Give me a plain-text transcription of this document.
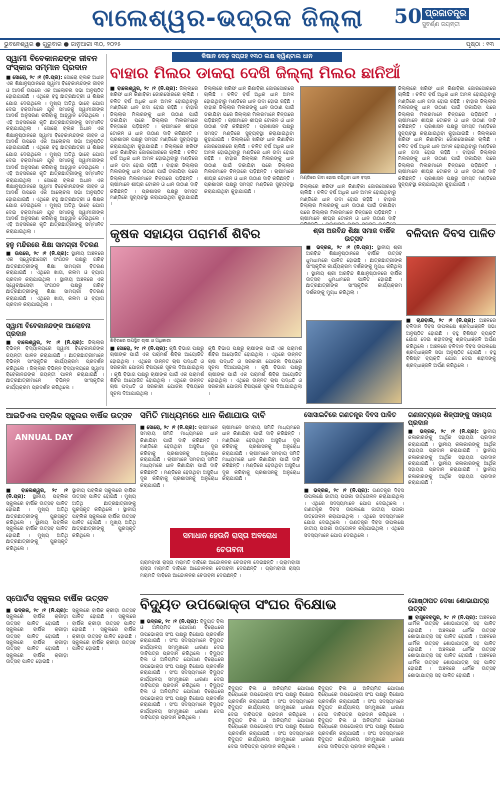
ବାଲେଶ୍ୱର-ଭଦ୍ରକ ଜିଲ୍ଲା 50 ପ୍ରଜାତନ୍ତ୍ର
ସୁବର୍ଣ୍ଣ ଜୟନ୍ତୀ
ଭୁବନେଶ୍ୱର ● ଗୁରୁବାର ● ଜାନୁଆରୀ ୩୦, ୨୦୨୫	ପୃଷ୍ଠା : ୧୩
ସ୍ୱାମୀ ବିବେକାନନ୍ଦଙ୍କ ଜୀବନ ସଂସ୍କାର ସମ୍ମାନ ପ୍ରଦାନ
■ ସୋରୋ, ୨୯ ।୧ (ନି.ପ୍ର): ସୋରୋ ବ୍ଲକ ଅଧୀନ ଏକ ଶିକ୍ଷାନୁଷ୍ଠାନରେ ସ୍ୱାମୀ ବିବେକାନନ୍ଦଙ୍କ ଜୀବନ ଓ ଆଦର୍ଶ ଉପରେ ଏକ ଆଲୋଚନା ସଭା ଅନୁଷ୍ଠିତ ହୋଇଯାଇଛି । ଏଥିରେ ବହୁ ଛାତ୍ରଛାତ୍ରୀ ଓ ଶିକ୍ଷକ ଯୋଗ ଦେଇଥିଲେ । ମୁଖ୍ୟ ଅତିଥି ଭାବେ ଯୋଗ ଦେଇ ବକ୍ତାମାନେ ଯୁବ ସମାଜକୁ ସ୍ୱାମୀଜୀଙ୍କ ଆଦର୍ଶ ଅନୁସରଣ କରିବାକୁ ଆହ୍ୱାନ ଦେଇଥିଲେ । ଏହି ଅବସରରେ କୃତି ଛାତ୍ରଛାତ୍ରୀଙ୍କୁ ସମ୍ମାନିତ କରାଯାଇଥିଲା । ସୋରୋ ବ୍ଲକ ଅଧୀନ ଏକ ଶିକ୍ଷାନୁଷ୍ଠାନରେ ସ୍ୱାମୀ ବିବେକାନନ୍ଦଙ୍କ ଜୀବନ ଓ ଆଦର୍ଶ ଉପରେ ଏକ ଆଲୋଚନା ସଭା ଅନୁଷ୍ଠିତ ହୋଇଯାଇଛି । ଏଥିରେ ବହୁ ଛାତ୍ରଛାତ୍ରୀ ଓ ଶିକ୍ଷକ ଯୋଗ ଦେଇଥିଲେ । ମୁଖ୍ୟ ଅତିଥି ଭାବେ ଯୋଗ ଦେଇ ବକ୍ତାମାନେ ଯୁବ ସମାଜକୁ ସ୍ୱାମୀଜୀଙ୍କ ଆଦର୍ଶ ଅନୁସରଣ କରିବାକୁ ଆହ୍ୱାନ ଦେଇଥିଲେ । ଏହି ଅବସରରେ କୃତି ଛାତ୍ରଛାତ୍ରୀଙ୍କୁ ସମ୍ମାନିତ କରାଯାଇଥିଲା । ସୋରୋ ବ୍ଲକ ଅଧୀନ ଏକ ଶିକ୍ଷାନୁଷ୍ଠାନରେ ସ୍ୱାମୀ ବିବେକାନନ୍ଦଙ୍କ ଜୀବନ ଓ ଆଦର୍ଶ ଉପରେ ଏକ ଆଲୋଚନା ସଭା ଅନୁଷ୍ଠିତ ହୋଇଯାଇଛି । ଏଥିରେ ବହୁ ଛାତ୍ରଛାତ୍ରୀ ଓ ଶିକ୍ଷକ ଯୋଗ ଦେଇଥିଲେ । ମୁଖ୍ୟ ଅତିଥି ଭାବେ ଯୋଗ ଦେଇ ବକ୍ତାମାନେ ଯୁବ ସମାଜକୁ ସ୍ୱାମୀଜୀଙ୍କ ଆଦର୍ଶ ଅନୁସରଣ କରିବାକୁ ଆହ୍ୱାନ ଦେଇଥିଲେ । ଏହି ଅବସରରେ କୃତି ଛାତ୍ରଛାତ୍ରୀଙ୍କୁ ସମ୍ମାନିତ କରାଯାଇଥିଲା ।
ହନୁ ମନ୍ଦିରରେ ଶିକ୍ଷା ସାମଗ୍ରୀ ବିତରଣ
■ ଉପରେ, ୨୯ ।୧ (ନି.ପ୍ର): ସ୍ଥାନୀୟ ଅଞ୍ଚଳରେ ଏକ ସ୍ୱେଚ୍ଛାସେବୀ ସଂଗଠନ ପକ୍ଷରୁ ଗରିବ ଛାତ୍ରଛାତ୍ରୀଙ୍କୁ ଶିକ୍ଷା ସାମଗ୍ରୀ ବିତରଣ କରାଯାଇଛି । ଏଥିରେ ଖାତା, କଲମ ଓ ବ୍ୟାଗ ପ୍ରଦାନ କରାଯାଇଥିଲା । ସ୍ଥାନୀୟ ଅଞ୍ଚଳରେ ଏକ ସ୍ୱେଚ୍ଛାସେବୀ ସଂଗଠନ ପକ୍ଷରୁ ଗରିବ ଛାତ୍ରଛାତ୍ରୀଙ୍କୁ ଶିକ୍ଷା ସାମଗ୍ରୀ ବିତରଣ କରାଯାଇଛି । ଏଥିରେ ଖାତା, କଲମ ଓ ବ୍ୟାଗ ପ୍ରଦାନ କରାଯାଇଥିଲା ।
ସ୍ୱାମୀ ବିବେକାନନ୍ଦଙ୍କ ଆଲୋଚନା ପ୍ରଦାନ
■ ବାଲେଶ୍ୱର, ୨୯ ।୧ (ନି.ପ୍ର): ଜିଲ୍ଲାର ବିଭିନ୍ନ ବିଦ୍ୟାଳୟରେ ସ୍ୱାମୀ ବିବେକାନନ୍ଦଙ୍କ ଜୟନ୍ତୀ ପାଳନ କରାଯାଇଛି । ଛାତ୍ରଛାତ୍ରୀମାନେ ବିଭିନ୍ନ ସାଂସ୍କୃତିକ କାର୍ଯ୍ୟକ୍ରମ ପ୍ରଦର୍ଶନ କରିଥିଲେ । ଜିଲ୍ଲାର ବିଭିନ୍ନ ବିଦ୍ୟାଳୟରେ ସ୍ୱାମୀ ବିବେକାନନ୍ଦଙ୍କ ଜୟନ୍ତୀ ପାଳନ କରାଯାଇଛି । ଛାତ୍ରଛାତ୍ରୀମାନେ ବିଭିନ୍ନ ସାଂସ୍କୃତିକ କାର୍ଯ୍ୟକ୍ରମ ପ୍ରଦର୍ଶନ କରିଥିଲେ ।
କିଷାନ ଦେଢ଼ ସପ୍ତାହ ୧୩୦ ଲକ୍ଷ କ୍ୱିଣ୍ଟାଲ ଧାନ
ବାହାର ମିଲର ଡାକରା ଦେଖି ଜିଲ୍ଲା ମିଲର ଛାନିଆଁ
■ ବାଲେଶ୍ୱର, ୨୯ ।୧ (ନି.ପ୍ର): ଜିଲ୍ଲାରେ ଖରିଫ ଧାନ କିଣାବିକା ଜୋରସୋରରେ ଚାଲିଛି । ଚଳିତ ବର୍ଷ ଅଧିକ ଧାନ ଅମଳ ହୋଇଥିବାରୁ ମଣ୍ଡିରେ ଧାନ ଗଦା ହୋଇ ରହିଛି । ବାହାର ଜିଲ୍ଲାର ମିଲରଙ୍କୁ ଧାନ ଉଠାଣ ପାଇଁ ଡକାଯିବା ପରେ ଜିଲ୍ଲାର ମିଲରମାନେ ଚିନ୍ତାରେ ପଡ଼ିଛନ୍ତି । ଚାଷୀମାନେ ଶୀଘ୍ର ଟୋକନ ଓ ଧାନ ଉଠାଣ ଦାବି କରିଛନ୍ତି । ପ୍ରଶାସନ ପକ୍ଷରୁ ସମସ୍ତ ମଣ୍ଡିରେ ସୁବ୍ୟବସ୍ଥା କରାଯାଇଥିବା କୁହାଯାଇଛି । ଜିଲ୍ଲାରେ ଖରିଫ ଧାନ କିଣାବିକା ଜୋରସୋରରେ ଚାଲିଛି । ଚଳିତ ବର୍ଷ ଅଧିକ ଧାନ ଅମଳ ହୋଇଥିବାରୁ ମଣ୍ଡିରେ ଧାନ ଗଦା ହୋଇ ରହିଛି । ବାହାର ଜିଲ୍ଲାର ମିଲରଙ୍କୁ ଧାନ ଉଠାଣ ପାଇଁ ଡକାଯିବା ପରେ ଜିଲ୍ଲାର ମିଲରମାନେ ଚିନ୍ତାରେ ପଡ଼ିଛନ୍ତି । ଚାଷୀମାନେ ଶୀଘ୍ର ଟୋକନ ଓ ଧାନ ଉଠାଣ ଦାବି କରିଛନ୍ତି । ପ୍ରଶାସନ ପକ୍ଷରୁ ସମସ୍ତ ମଣ୍ଡିରେ ସୁବ୍ୟବସ୍ଥା କରାଯାଇଥିବା କୁହାଯାଇଛି ।
ଜିଲ୍ଲାରେ ଖରିଫ ଧାନ କିଣାବିକା ଜୋରସୋରରେ ଚାଲିଛି । ଚଳିତ ବର୍ଷ ଅଧିକ ଧାନ ଅମଳ ହୋଇଥିବାରୁ ମଣ୍ଡିରେ ଧାନ ଗଦା ହୋଇ ରହିଛି । ବାହାର ଜିଲ୍ଲାର ମିଲରଙ୍କୁ ଧାନ ଉଠାଣ ପାଇଁ ଡକାଯିବା ପରେ ଜିଲ୍ଲାର ମିଲରମାନେ ଚିନ୍ତାରେ ପଡ଼ିଛନ୍ତି । ଚାଷୀମାନେ ଶୀଘ୍ର ଟୋକନ ଓ ଧାନ ଉଠାଣ ଦାବି କରିଛନ୍ତି । ପ୍ରଶାସନ ପକ୍ଷରୁ ସମସ୍ତ ମଣ୍ଡିରେ ସୁବ୍ୟବସ୍ଥା କରାଯାଇଥିବା କୁହାଯାଇଛି । ଜିଲ୍ଲାରେ ଖରିଫ ଧାନ କିଣାବିକା ଜୋରସୋରରେ ଚାଲିଛି । ଚଳିତ ବର୍ଷ ଅଧିକ ଧାନ ଅମଳ ହୋଇଥିବାରୁ ମଣ୍ଡିରେ ଧାନ ଗଦା ହୋଇ ରହିଛି । ବାହାର ଜିଲ୍ଲାର ମିଲରଙ୍କୁ ଧାନ ଉଠାଣ ପାଇଁ ଡକାଯିବା ପରେ ଜିଲ୍ଲାର ମିଲରମାନେ ଚିନ୍ତାରେ ପଡ଼ିଛନ୍ତି । ଚାଷୀମାନେ ଶୀଘ୍ର ଟୋକନ ଓ ଧାନ ଉଠାଣ ଦାବି କରିଛନ୍ତି । ପ୍ରଶାସନ ପକ୍ଷରୁ ସମସ୍ତ ମଣ୍ଡିରେ ସୁବ୍ୟବସ୍ଥା କରାଯାଇଥିବା କୁହାଯାଇଛି ।
ଜିଲ୍ଲାରେ ଖରିଫ ଧାନ କିଣାବିକା ଜୋରସୋରରେ ଚାଲିଛି । ଚଳିତ ବର୍ଷ ଅଧିକ ଧାନ ଅମଳ ହୋଇଥିବାରୁ ମଣ୍ଡିରେ ଧାନ ଗଦା ହୋଇ ରହିଛି । ବାହାର ଜିଲ୍ଲାର ମିଲରଙ୍କୁ ଧାନ ଉଠାଣ ପାଇଁ ଡକାଯିବା ପରେ ଜିଲ୍ଲାର ମିଲରମାନେ ଚିନ୍ତାରେ ପଡ଼ିଛନ୍ତି । ଚାଷୀମାନେ ଶୀଘ୍ର ଟୋକନ ଓ ଧାନ ଉଠାଣ ଦାବି କରିଛନ୍ତି । ପ୍ରଶାସନ ପକ୍ଷରୁ ସମସ୍ତ ମଣ୍ଡିରେ ସୁବ୍ୟବସ୍ଥା କରାଯାଇଥିବା କୁହାଯାଇଛି । ଜିଲ୍ଲାରେ ଖରିଫ ଧାନ କିଣାବିକା ଜୋରସୋରରେ ଚାଲିଛି । ଚଳିତ ବର୍ଷ ଅଧିକ ଧାନ ଅମଳ ହୋଇଥିବାରୁ ମଣ୍ଡିରେ ଧାନ ଗଦା ହୋଇ ରହିଛି । ବାହାର ଜିଲ୍ଲାର ମିଲରଙ୍କୁ ଧାନ ଉଠାଣ ପାଇଁ ଡକାଯିବା ପରେ ଜିଲ୍ଲାର ମିଲରମାନେ ଚିନ୍ତାରେ ପଡ଼ିଛନ୍ତି । ଚାଷୀମାନେ ଶୀଘ୍ର ଟୋକନ ଓ ଧାନ ଉଠାଣ ଦାବି କରିଛନ୍ତି । ପ୍ରଶାସନ ପକ୍ଷରୁ ସମସ୍ତ ମଣ୍ଡିରେ ସୁବ୍ୟବସ୍ଥା କରାଯାଇଥିବା କୁହାଯାଇଛି ।
ମଣ୍ଡିରେ ଗଦା ହୋଇ ରହିଥିବା ଧାନ ବସ୍ତା
ଜିଲ୍ଲାରେ ଖରିଫ ଧାନ କିଣାବିକା ଜୋରସୋରରେ ଚାଲିଛି । ଚଳିତ ବର୍ଷ ଅଧିକ ଧାନ ଅମଳ ହୋଇଥିବାରୁ ମଣ୍ଡିରେ ଧାନ ଗଦା ହୋଇ ରହିଛି । ବାହାର ଜିଲ୍ଲାର ମିଲରଙ୍କୁ ଧାନ ଉଠାଣ ପାଇଁ ଡକାଯିବା ପରେ ଜିଲ୍ଲାର ମିଲରମାନେ ଚିନ୍ତାରେ ପଡ଼ିଛନ୍ତି । ଚାଷୀମାନେ ଶୀଘ୍ର ଟୋକନ ଓ ଧାନ ଉଠାଣ ଦାବି
କୃଷକ ସହାୟତା ପରାମର୍ଶ ଶିବିର
ଶିବିରରେ ଉପସ୍ଥିତ ଚାଷୀ ଓ ଅଧିକାରୀ
■ ସୋରୋ, ୨୯ ।୧ (ନି.ପ୍ର): କୃଷି ବିଭାଗ ପକ୍ଷରୁ ଚାଷୀଙ୍କ ପାଇଁ ଏକ ପରାମର୍ଶ ଶିବିର ଆୟୋଜିତ ହୋଇଥିଲା । ଏଥିରେ ଉନ୍ନତ ଚାଷ ପଦ୍ଧତି ଓ ସରକାରୀ ଯୋଜନା ବିଷୟରେ ସୂଚନା ଦିଆଯାଇଥିଲା । କୃଷି ବିଭାଗ ପକ୍ଷରୁ ଚାଷୀଙ୍କ ପାଇଁ ଏକ ପରାମର୍ଶ ଶିବିର ଆୟୋଜିତ ହୋଇଥିଲା । ଏଥିରେ ଉନ୍ନତ ଚାଷ ପଦ୍ଧତି ଓ ସରକାରୀ ଯୋଜନା ବିଷୟରେ ସୂଚନା ଦିଆଯାଇଥିଲା ।
କୃଷି ବିଭାଗ ପକ୍ଷରୁ ଚାଷୀଙ୍କ ପାଇଁ ଏକ ପରାମର୍ଶ ଶିବିର ଆୟୋଜିତ ହୋଇଥିଲା । ଏଥିରେ ଉନ୍ନତ ଚାଷ ପଦ୍ଧତି ଓ ସରକାରୀ ଯୋଜନା ବିଷୟରେ ସୂଚନା ଦିଆଯାଇଥିଲା । କୃଷି ବିଭାଗ ପକ୍ଷରୁ ଚାଷୀଙ୍କ ପାଇଁ ଏକ ପରାମର୍ଶ ଶିବିର ଆୟୋଜିତ ହୋଇଥିଲା । ଏଥିରେ ଉନ୍ନତ ଚାଷ ପଦ୍ଧତି ଓ ସରକାରୀ ଯୋଜନା ବିଷୟରେ ସୂଚନା ଦିଆଯାଇଥିଲା ।
ଶ୍ରୀ ଅରବିନ୍ଦ ଶିକ୍ଷା ସମାଜ ବାର୍ଷିକ ଉତ୍ସବ
■ ଭଦ୍ରକ, ୨୯ ।୧ (ନି.ପ୍ର): ସ୍ଥାନୀୟ ଶ୍ରୀ ଅରବିନ୍ଦ ଶିକ୍ଷାନୁଷ୍ଠାନରେ ବାର୍ଷିକ ଉତ୍ସବ ଧୁମଧାମରେ ପାଳିତ ହୋଇଛି । ଛାତ୍ରଛାତ୍ରୀଙ୍କ ସାଂସ୍କୃତିକ କାର୍ଯ୍ୟକ୍ରମ ଦର୍ଶକଙ୍କୁ ମୁଗ୍ଧ କରିଥିଲା । ସ୍ଥାନୀୟ ଶ୍ରୀ ଅରବିନ୍ଦ ଶିକ୍ଷାନୁଷ୍ଠାନରେ ବାର୍ଷିକ ଉତ୍ସବ ଧୁମଧାମରେ ପାଳିତ ହୋଇଛି । ଛାତ୍ରଛାତ୍ରୀଙ୍କ ସାଂସ୍କୃତିକ କାର୍ଯ୍ୟକ୍ରମ ଦର୍ଶକଙ୍କୁ ମୁଗ୍ଧ କରିଥିଲା ।
ବଳିଦାନ ଦିବସ ପାଳିତ
■ ଚାନ୍ଦବାଲି, ୨୯ ।୧ (ନି.ପ୍ର): ଅଞ୍ଚଳରେ ବଳିଦାନ ଦିବସ ଉପଲକ୍ଷେ ଶ୍ରଦ୍ଧାଞ୍ଜଳି ସଭା ଅନୁଷ୍ଠିତ ହୋଇଛି । ବହୁ ବିଶିଷ୍ଟ ବ୍ୟକ୍ତି ଯୋଗ ଦେଇ ଶହୀଦଙ୍କୁ ଶ୍ରଦ୍ଧାଞ୍ଜଳି ଅର୍ପଣ କରିଥିଲେ । ଅଞ୍ଚଳରେ ବଳିଦାନ ଦିବସ ଉପଲକ୍ଷେ ଶ୍ରଦ୍ଧାଞ୍ଜଳି ସଭା ଅନୁଷ୍ଠିତ ହୋଇଛି । ବହୁ ବିଶିଷ୍ଟ ବ୍ୟକ୍ତି ଯୋଗ ଦେଇ ଶହୀଦଙ୍କୁ ଶ୍ରଦ୍ଧାଞ୍ଜଳି ଅର୍ପଣ କରିଥିଲେ ।
ଆଇଡିଏଲ ପବ୍ଲିକ ସ୍କୁଲର ବାର୍ଷିକ ଉତ୍ସବ
ANNUAL DAY
■ ବାଲେଶ୍ୱର, ୨୯ ।୧ (ନି.ପ୍ର): ସ୍ଥାନୀୟ ପବ୍ଲିକ ସ୍କୁଲରେ ବାର୍ଷିକ ଉତ୍ସବ ପାଳିତ ହୋଇଛି । ମୁଖ୍ୟ ଅତିଥି ଛାତ୍ରଛାତ୍ରୀଙ୍କୁ ପୁରସ୍କୃତ କରିଥିଲେ । ସ୍ଥାନୀୟ ପବ୍ଲିକ ସ୍କୁଲରେ ବାର୍ଷିକ ଉତ୍ସବ ପାଳିତ ହୋଇଛି । ମୁଖ୍ୟ ଅତିଥି ଛାତ୍ରଛାତ୍ରୀଙ୍କୁ ପୁରସ୍କୃତ କରିଥିଲେ ।
ସ୍ଥାନୀୟ ପବ୍ଲିକ ସ୍କୁଲରେ ବାର୍ଷିକ ଉତ୍ସବ ପାଳିତ ହୋଇଛି । ମୁଖ୍ୟ ଅତିଥି ଛାତ୍ରଛାତ୍ରୀଙ୍କୁ ପୁରସ୍କୃତ କରିଥିଲେ । ସ୍ଥାନୀୟ ପବ୍ଲିକ ସ୍କୁଲରେ ବାର୍ଷିକ ଉତ୍ସବ ପାଳିତ ହୋଇଛି । ମୁଖ୍ୟ ଅତିଥି ଛାତ୍ରଛାତ୍ରୀଙ୍କୁ ପୁରସ୍କୃତ କରିଥିଲେ ।
ସମିତି ମାଧ୍ୟମରେ ଧାନ କିଣାଯାଉ ଦାବି
■ ସୋରୋ, ୨୯ ।୧ (ନି.ପ୍ର): ଚାଷୀମାନେ ସମବାୟ ସମିତି ମାଧ୍ୟମରେ ଧାନ କିଣାଯିବା ପାଇଁ ଦାବି କରିଛନ୍ତି । ମଣ୍ଡିରେ ହେଉଥିବା ଅସୁବିଧା ଦୂର କରିବାକୁ ପ୍ରଶାସନକୁ ଅନୁରୋଧ କରାଯାଇଛି । ଚାଷୀମାନେ ସମବାୟ ସମିତି ମାଧ୍ୟମରେ ଧାନ କିଣାଯିବା ପାଇଁ ଦାବି କରିଛନ୍ତି । ମଣ୍ଡିରେ ହେଉଥିବା ଅସୁବିଧା ଦୂର କରିବାକୁ ପ୍ରଶାସନକୁ ଅନୁରୋଧ କରାଯାଇଛି ।
ଚାଷୀମାନେ ସମବାୟ ସମିତି ମାଧ୍ୟମରେ ଧାନ କିଣାଯିବା ପାଇଁ ଦାବି କରିଛନ୍ତି । ମଣ୍ଡିରେ ହେଉଥିବା ଅସୁବିଧା ଦୂର କରିବାକୁ ପ୍ରଶାସନକୁ ଅନୁରୋଧ କରାଯାଇଛି । ଚାଷୀମାନେ ସମବାୟ ସମିତି ମାଧ୍ୟମରେ ଧାନ କିଣାଯିବା ପାଇଁ ଦାବି କରିଛନ୍ତି । ମଣ୍ଡିରେ ହେଉଥିବା ଅସୁବିଧା ଦୂର କରିବାକୁ ପ୍ରଶାସନକୁ ଅନୁରୋଧ କରାଯାଇଛି ।
ସମାଧାନ ହେଉନି ରାସ୍ତା ଅବରୋଧ ଚେତାବନୀ
ଗ୍ରାମବାସୀ ରାସ୍ତା ମରାମତି ଦାବିରେ ଆନ୍ଦୋଳନର ଚେତାବନୀ ଦେଇଛନ୍ତି । ଗ୍ରାମବାସୀ ରାସ୍ତା ମରାମତି ଦାବିରେ ଆନ୍ଦୋଳନର ଚେତାବନୀ ଦେଇଛନ୍ତି । ଗ୍ରାମବାସୀ ରାସ୍ତା ମରାମତି ଦାବିରେ ଆନ୍ଦୋଳନର ଚେତାବନୀ ଦେଇଛନ୍ତି ।
ସୋସାଇଟିରେ ଗଣତନ୍ତ୍ର ଦିବସ ପାଳିତ
■ ଭଦ୍ରକ, ୨୯ ।୧ (ନି.ପ୍ର): ଗଣତନ୍ତ୍ର ଦିବସ ଉପଲକ୍ଷେ ଜାତୀୟ ପତାକା ଉତ୍ତୋଳନ କରାଯାଇଥିଲା । ଏଥିରେ ସଦସ୍ୟମାନେ ଯୋଗ ଦେଇଥିଲେ । ଗଣତନ୍ତ୍ର ଦିବସ ଉପଲକ୍ଷେ ଜାତୀୟ ପତାକା ଉତ୍ତୋଳନ କରାଯାଇଥିଲା । ଏଥିରେ ସଦସ୍ୟମାନେ ଯୋଗ ଦେଇଥିଲେ । ଗଣତନ୍ତ୍ର ଦିବସ ଉପଲକ୍ଷେ ଜାତୀୟ ପତାକା ଉତ୍ତୋଳନ କରାଯାଇଥିଲା । ଏଥିରେ ସଦସ୍ୟମାନେ ଯୋଗ ଦେଇଥିଲେ ।
ଗଣନାଟ୍ୟରେ ଶିଳ୍ପୀଙ୍କୁ ସହାୟତା ପ୍ରଦାନ
■ ଭଦ୍ରକ, ୨୯ ।୧ (ନି.ପ୍ର): ସ୍ଥାନୀୟ କଳାକାରଙ୍କୁ ଆର୍ଥିକ ସହାୟତା ପ୍ରଦାନ କରାଯାଇଛି । ସ୍ଥାନୀୟ କଳାକାରଙ୍କୁ ଆର୍ଥିକ ସହାୟତା ପ୍ରଦାନ କରାଯାଇଛି । ସ୍ଥାନୀୟ କଳାକାରଙ୍କୁ ଆର୍ଥିକ ସହାୟତା ପ୍ରଦାନ କରାଯାଇଛି । ସ୍ଥାନୀୟ କଳାକାରଙ୍କୁ ଆର୍ଥିକ ସହାୟତା ପ୍ରଦାନ କରାଯାଇଛି । ସ୍ଥାନୀୟ କଳାକାରଙ୍କୁ ଆର୍ଥିକ ସହାୟତା ପ୍ରଦାନ କରାଯାଇଛି ।
ବିଦ୍ୟୁତ ଉପଭୋକ୍ତା ସଂଘର ବିକ୍ଷୋଭ
■ ଭଦ୍ରକ, ୨୯ ।୧ (ନି.ପ୍ର): ବିଦ୍ୟୁତ ବିଲ ଓ ଅନିୟମିତ ଯୋଗାଣ ବିରୋଧରେ ଉପଭୋକ୍ତା ସଂଘ ପକ୍ଷରୁ ବିକ୍ଷୋଭ ପ୍ରଦର୍ଶନ କରାଯାଇଛି । ସଂଘ ସଦସ୍ୟମାନେ ବିଦ୍ୟୁତ କାର୍ଯ୍ୟାଳୟ ସମ୍ମୁଖରେ ଧାରଣା ଦେଇ ଦାବିପତ୍ର ପ୍ରଦାନ କରିଥିଲେ । ବିଦ୍ୟୁତ ବିଲ ଓ ଅନିୟମିତ ଯୋଗାଣ ବିରୋଧରେ ଉପଭୋକ୍ତା ସଂଘ ପକ୍ଷରୁ ବିକ୍ଷୋଭ ପ୍ରଦର୍ଶନ କରାଯାଇଛି । ସଂଘ ସଦସ୍ୟମାନେ ବିଦ୍ୟୁତ କାର୍ଯ୍ୟାଳୟ ସମ୍ମୁଖରେ ଧାରଣା ଦେଇ ଦାବିପତ୍ର ପ୍ରଦାନ କରିଥିଲେ । ବିଦ୍ୟୁତ ବିଲ ଓ ଅନିୟମିତ ଯୋଗାଣ ବିରୋଧରେ ଉପଭୋକ୍ତା ସଂଘ ପକ୍ଷରୁ ବିକ୍ଷୋଭ ପ୍ରଦର୍ଶନ କରାଯାଇଛି । ସଂଘ ସଦସ୍ୟମାନେ ବିଦ୍ୟୁତ କାର୍ଯ୍ୟାଳୟ ସମ୍ମୁଖରେ ଧାରଣା ଦେଇ ଦାବିପତ୍ର ପ୍ରଦାନ କରିଥିଲେ ।
ବିଦ୍ୟୁତ ବିଲ ଓ ଅନିୟମିତ ଯୋଗାଣ ବିରୋଧରେ ଉପଭୋକ୍ତା ସଂଘ ପକ୍ଷରୁ ବିକ୍ଷୋଭ ପ୍ରଦର୍ଶନ କରାଯାଇଛି । ସଂଘ ସଦସ୍ୟମାନେ ବିଦ୍ୟୁତ କାର୍ଯ୍ୟାଳୟ ସମ୍ମୁଖରେ ଧାରଣା ଦେଇ ଦାବିପତ୍ର ପ୍ରଦାନ କରିଥିଲେ । ବିଦ୍ୟୁତ ବିଲ ଓ ଅନିୟମିତ ଯୋଗାଣ ବିରୋଧରେ ଉପଭୋକ୍ତା ସଂଘ ପକ୍ଷରୁ ବିକ୍ଷୋଭ ପ୍ରଦର୍ଶନ କରାଯାଇଛି । ସଂଘ ସଦସ୍ୟମାନେ ବିଦ୍ୟୁତ କାର୍ଯ୍ୟାଳୟ ସମ୍ମୁଖରେ ଧାରଣା ଦେଇ ଦାବିପତ୍ର ପ୍ରଦାନ କରିଥିଲେ ।
ବିଦ୍ୟୁତ ବିଲ ଓ ଅନିୟମିତ ଯୋଗାଣ ବିରୋଧରେ ଉପଭୋକ୍ତା ସଂଘ ପକ୍ଷରୁ ବିକ୍ଷୋଭ ପ୍ରଦର୍ଶନ କରାଯାଇଛି । ସଂଘ ସଦସ୍ୟମାନେ ବିଦ୍ୟୁତ କାର୍ଯ୍ୟାଳୟ ସମ୍ମୁଖରେ ଧାରଣା ଦେଇ ଦାବିପତ୍ର ପ୍ରଦାନ କରିଥିଲେ । ବିଦ୍ୟୁତ ବିଲ ଓ ଅନିୟମିତ ଯୋଗାଣ ବିରୋଧରେ ଉପଭୋକ୍ତା ସଂଘ ପକ୍ଷରୁ ବିକ୍ଷୋଭ ପ୍ରଦର୍ଶନ କରାଯାଇଛି । ସଂଘ ସଦସ୍ୟମାନେ ବିଦ୍ୟୁତ କାର୍ଯ୍ୟାଳୟ ସମ୍ମୁଖରେ ଧାରଣା ଦେଇ ଦାବିପତ୍ର ପ୍ରଦାନ କରିଥିଲେ ।
ସ୍ପୋର୍ଟସ ସ୍କୁଲର ବାର୍ଷିକ ଉତ୍ସବ
■ ଭଦ୍ରକ, ୨୯ ।୧ (ନି.ପ୍ର): ସ୍କୁଲରେ ବାର୍ଷିକ କ୍ରୀଡ଼ା ଉତ୍ସବ ପାଳିତ ହୋଇଛି । ସ୍କୁଲରେ ବାର୍ଷିକ କ୍ରୀଡ଼ା ଉତ୍ସବ ପାଳିତ ହୋଇଛି । ସ୍କୁଲରେ ବାର୍ଷିକ କ୍ରୀଡ଼ା ଉତ୍ସବ ପାଳିତ ହୋଇଛି । ସ୍କୁଲରେ ବାର୍ଷିକ କ୍ରୀଡ଼ା ଉତ୍ସବ ପାଳିତ ହୋଇଛି ।
ସ୍କୁଲରେ ବାର୍ଷିକ କ୍ରୀଡ଼ା ଉତ୍ସବ ପାଳିତ ହୋଇଛି । ସ୍କୁଲରେ ବାର୍ଷିକ କ୍ରୀଡ଼ା ଉତ୍ସବ ପାଳିତ ହୋଇଛି । ସ୍କୁଲରେ ବାର୍ଷିକ କ୍ରୀଡ଼ା ଉତ୍ସବ ପାଳିତ ହୋଇଛି । ସ୍କୁଲରେ ବାର୍ଷିକ କ୍ରୀଡ଼ା ଉତ୍ସବ ପାଳିତ ହୋଇଛି ।
ଗୋଷ୍ଠୀପତ ଦେଖା ଶୋଭାଯାତ୍ରା ଉତ୍ସବ
■ ବାସୁଦେବପୁର, ୨୯ ।୧ (ନି.ପ୍ର): ଅଞ୍ଚଳରେ ଧାର୍ମିକ ଉତ୍ସବ ଶୋଭାଯାତ୍ରା ସହ ପାଳିତ ହୋଇଛି । ଅଞ୍ଚଳରେ ଧାର୍ମିକ ଉତ୍ସବ ଶୋଭାଯାତ୍ରା ସହ ପାଳିତ ହୋଇଛି । ଅଞ୍ଚଳରେ ଧାର୍ମିକ ଉତ୍ସବ ଶୋଭାଯାତ୍ରା ସହ ପାଳିତ ହୋଇଛି । ଅଞ୍ଚଳରେ ଧାର୍ମିକ ଉତ୍ସବ ଶୋଭାଯାତ୍ରା ସହ ପାଳିତ ହୋଇଛି । ଅଞ୍ଚଳରେ ଧାର୍ମିକ ଉତ୍ସବ ଶୋଭାଯାତ୍ରା ସହ ପାଳିତ ହୋଇଛି । ଅଞ୍ଚଳରେ ଧାର୍ମିକ ଉତ୍ସବ ଶୋଭାଯାତ୍ରା ସହ ପାଳିତ ହୋଇଛି ।
